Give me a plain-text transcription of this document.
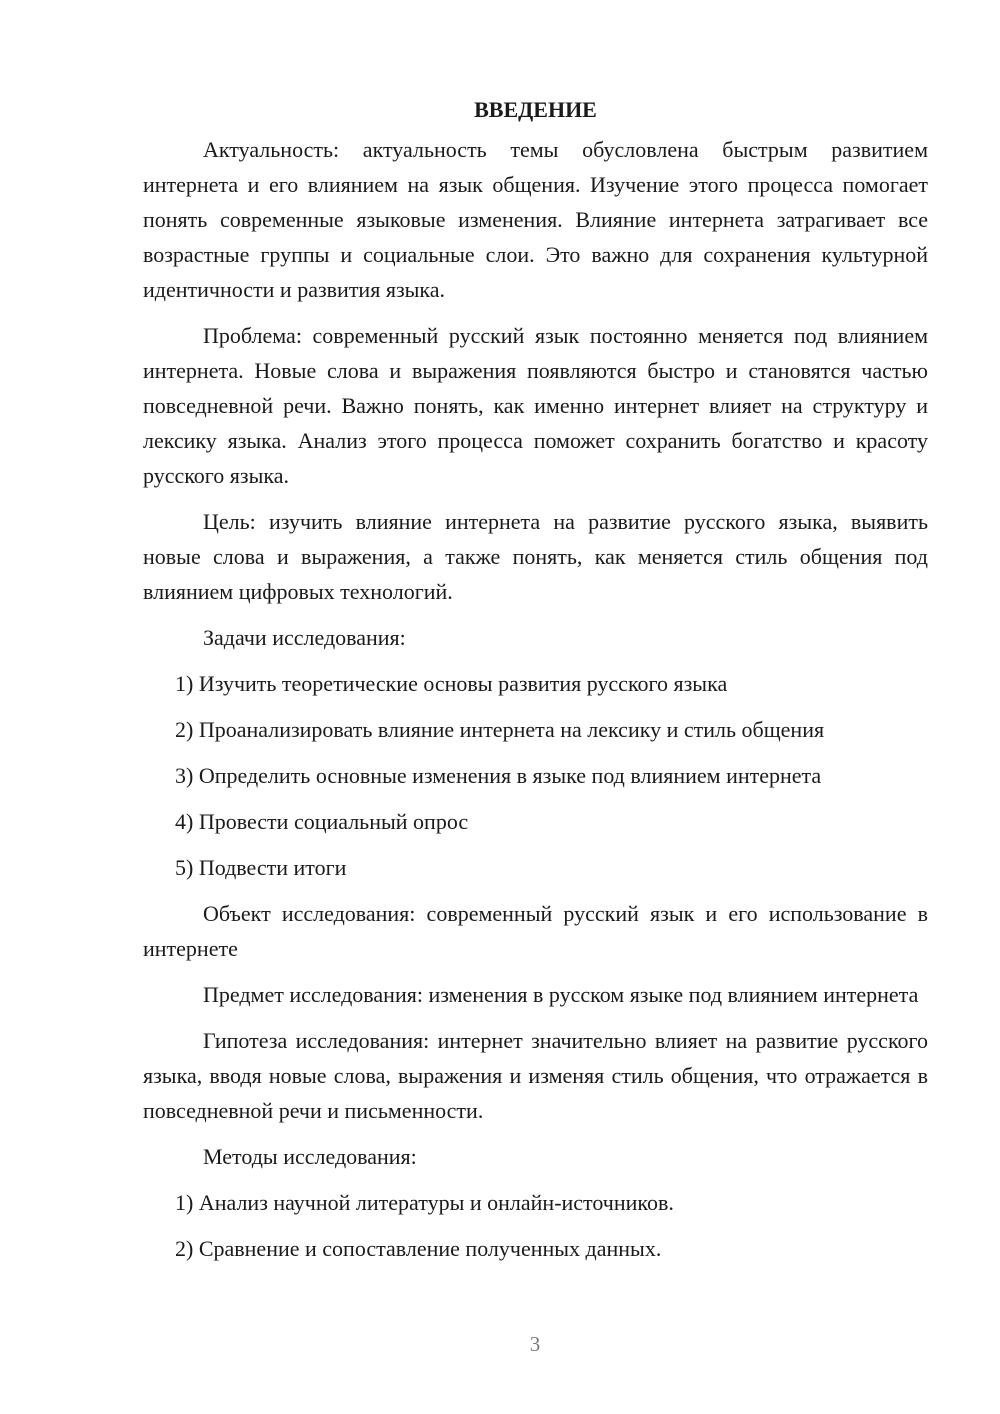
ВВЕДЕНИЕ

Актуальность: актуальность темы обусловлена быстрым развитием интернета и его влиянием на язык общения. Изучение этого процесса помогает понять современные языковые изменения. Влияние интернета затрагивает все возрастные группы и социальные слои. Это важно для сохранения культурной идентичности и развития языка.

Проблема: современный русский язык постоянно меняется под влиянием интернета. Новые слова и выражения появляются быстро и становятся частью повседневной речи. Важно понять, как именно интернет влияет на структуру и лексику языка. Анализ этого процесса поможет сохранить богатство и красоту русского языка.

Цель: изучить влияние интернета на развитие русского языка, выявить новые слова и выражения, а также понять, как меняется стиль общения под влиянием цифровых технологий.

Задачи исследования:
1) Изучить теоретические основы развития русского языка
2) Проанализировать влияние интернета на лексику и стиль общения
3) Определить основные изменения в языке под влиянием интернета
4) Провести социальный опрос
5) Подвести итоги

Объект исследования: современный русский язык и его использование в интернете

Предмет исследования: изменения в русском языке под влиянием интернета

Гипотеза исследования: интернет значительно влияет на развитие русского языка, вводя новые слова, выражения и изменяя стиль общения, что отражается в повседневной речи и письменности.

Методы исследования:
1) Анализ научной литературы и онлайн-источников.
2) Сравнение и сопоставление полученных данных.
3
